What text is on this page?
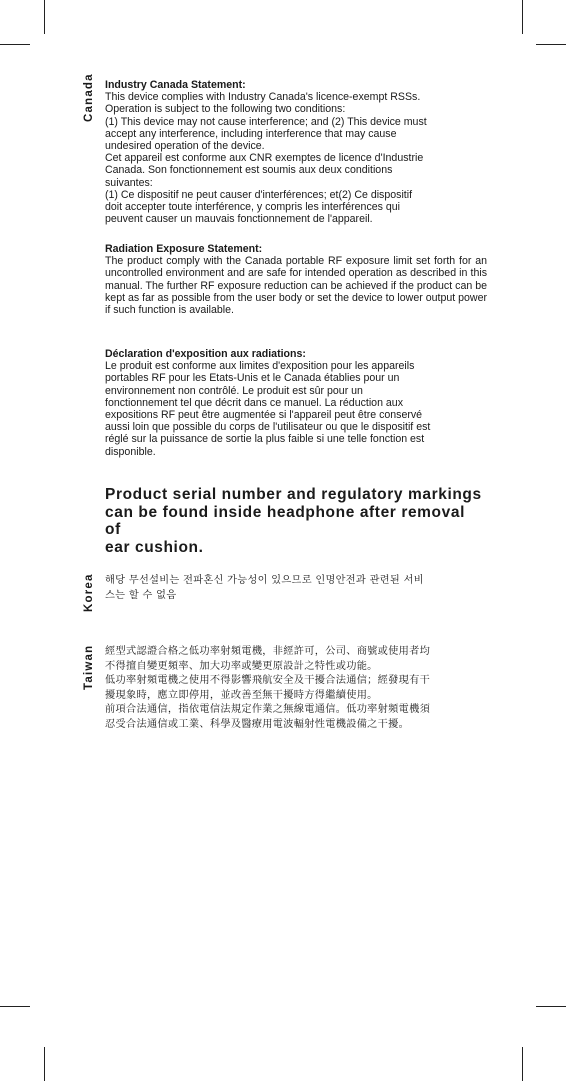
Canada
Korea
Taiwan

Industry Canada Statement:

This device complies with Industry Canada's licence-exempt RSSs.

Operation is subject to the following two conditions:

(1) This device may not cause interference; and (2) This device must

accept any interference, including interference that may cause

undesired operation of the device.

Cet appareil est conforme aux CNR exemptes de licence d'Industrie

Canada. Son fonctionnement est soumis aux deux conditions

suivantes:

(1) Ce dispositif ne peut causer d'interférences; et(2) Ce dispositif

doit accepter toute interférence, y compris les interférences qui

peuvent causer un mauvais fonctionnement de l'appareil.

Radiation Exposure Statement:

The product comply with the Canada portable RF exposure limit set forth for an uncontrolled environment and are safe for intended operation as described in this manual. The further RF exposure reduction can be achieved if the product can be kept as far as possible from the user body or set the device to lower output power if such function is available.

Déclaration d'exposition aux radiations:

Le produit est conforme aux limites d'exposition pour les appareils

portables RF pour les Etats-Unis et le Canada établies pour un

environnement non contrôlé. Le produit est sûr pour un

fonctionnement tel que décrit dans ce manuel. La réduction aux

expositions RF peut être augmentée si l'appareil peut être conservé

aussi loin que possible du corps de l'utilisateur ou que le dispositif est

réglé sur la puissance de sortie la plus faible si une telle fonction est

disponible.

Product serial number and regulatory markings
can be found inside headphone after removal of
ear cushion.
해당 무선설비는 전파혼신 가능성이 있으므로 인명안전과 관련된 서비
스는 할 수 없음
經型式認證合格之低功率射頻電機，非經許可，公司、商號或使用者均
不得擅自變更頻率、加大功率或變更原設計之特性或功能。
低功率射頻電機之使用不得影響飛航安全及干擾合法通信；經發現有干
擾現象時，應立即停用，並改善至無干擾時方得繼續使用。
前項合法通信，指依電信法規定作業之無線電通信。低功率射頻電機須
忍受合法通信或工業、科學及醫療用電波輻射性電機設備之干擾。
